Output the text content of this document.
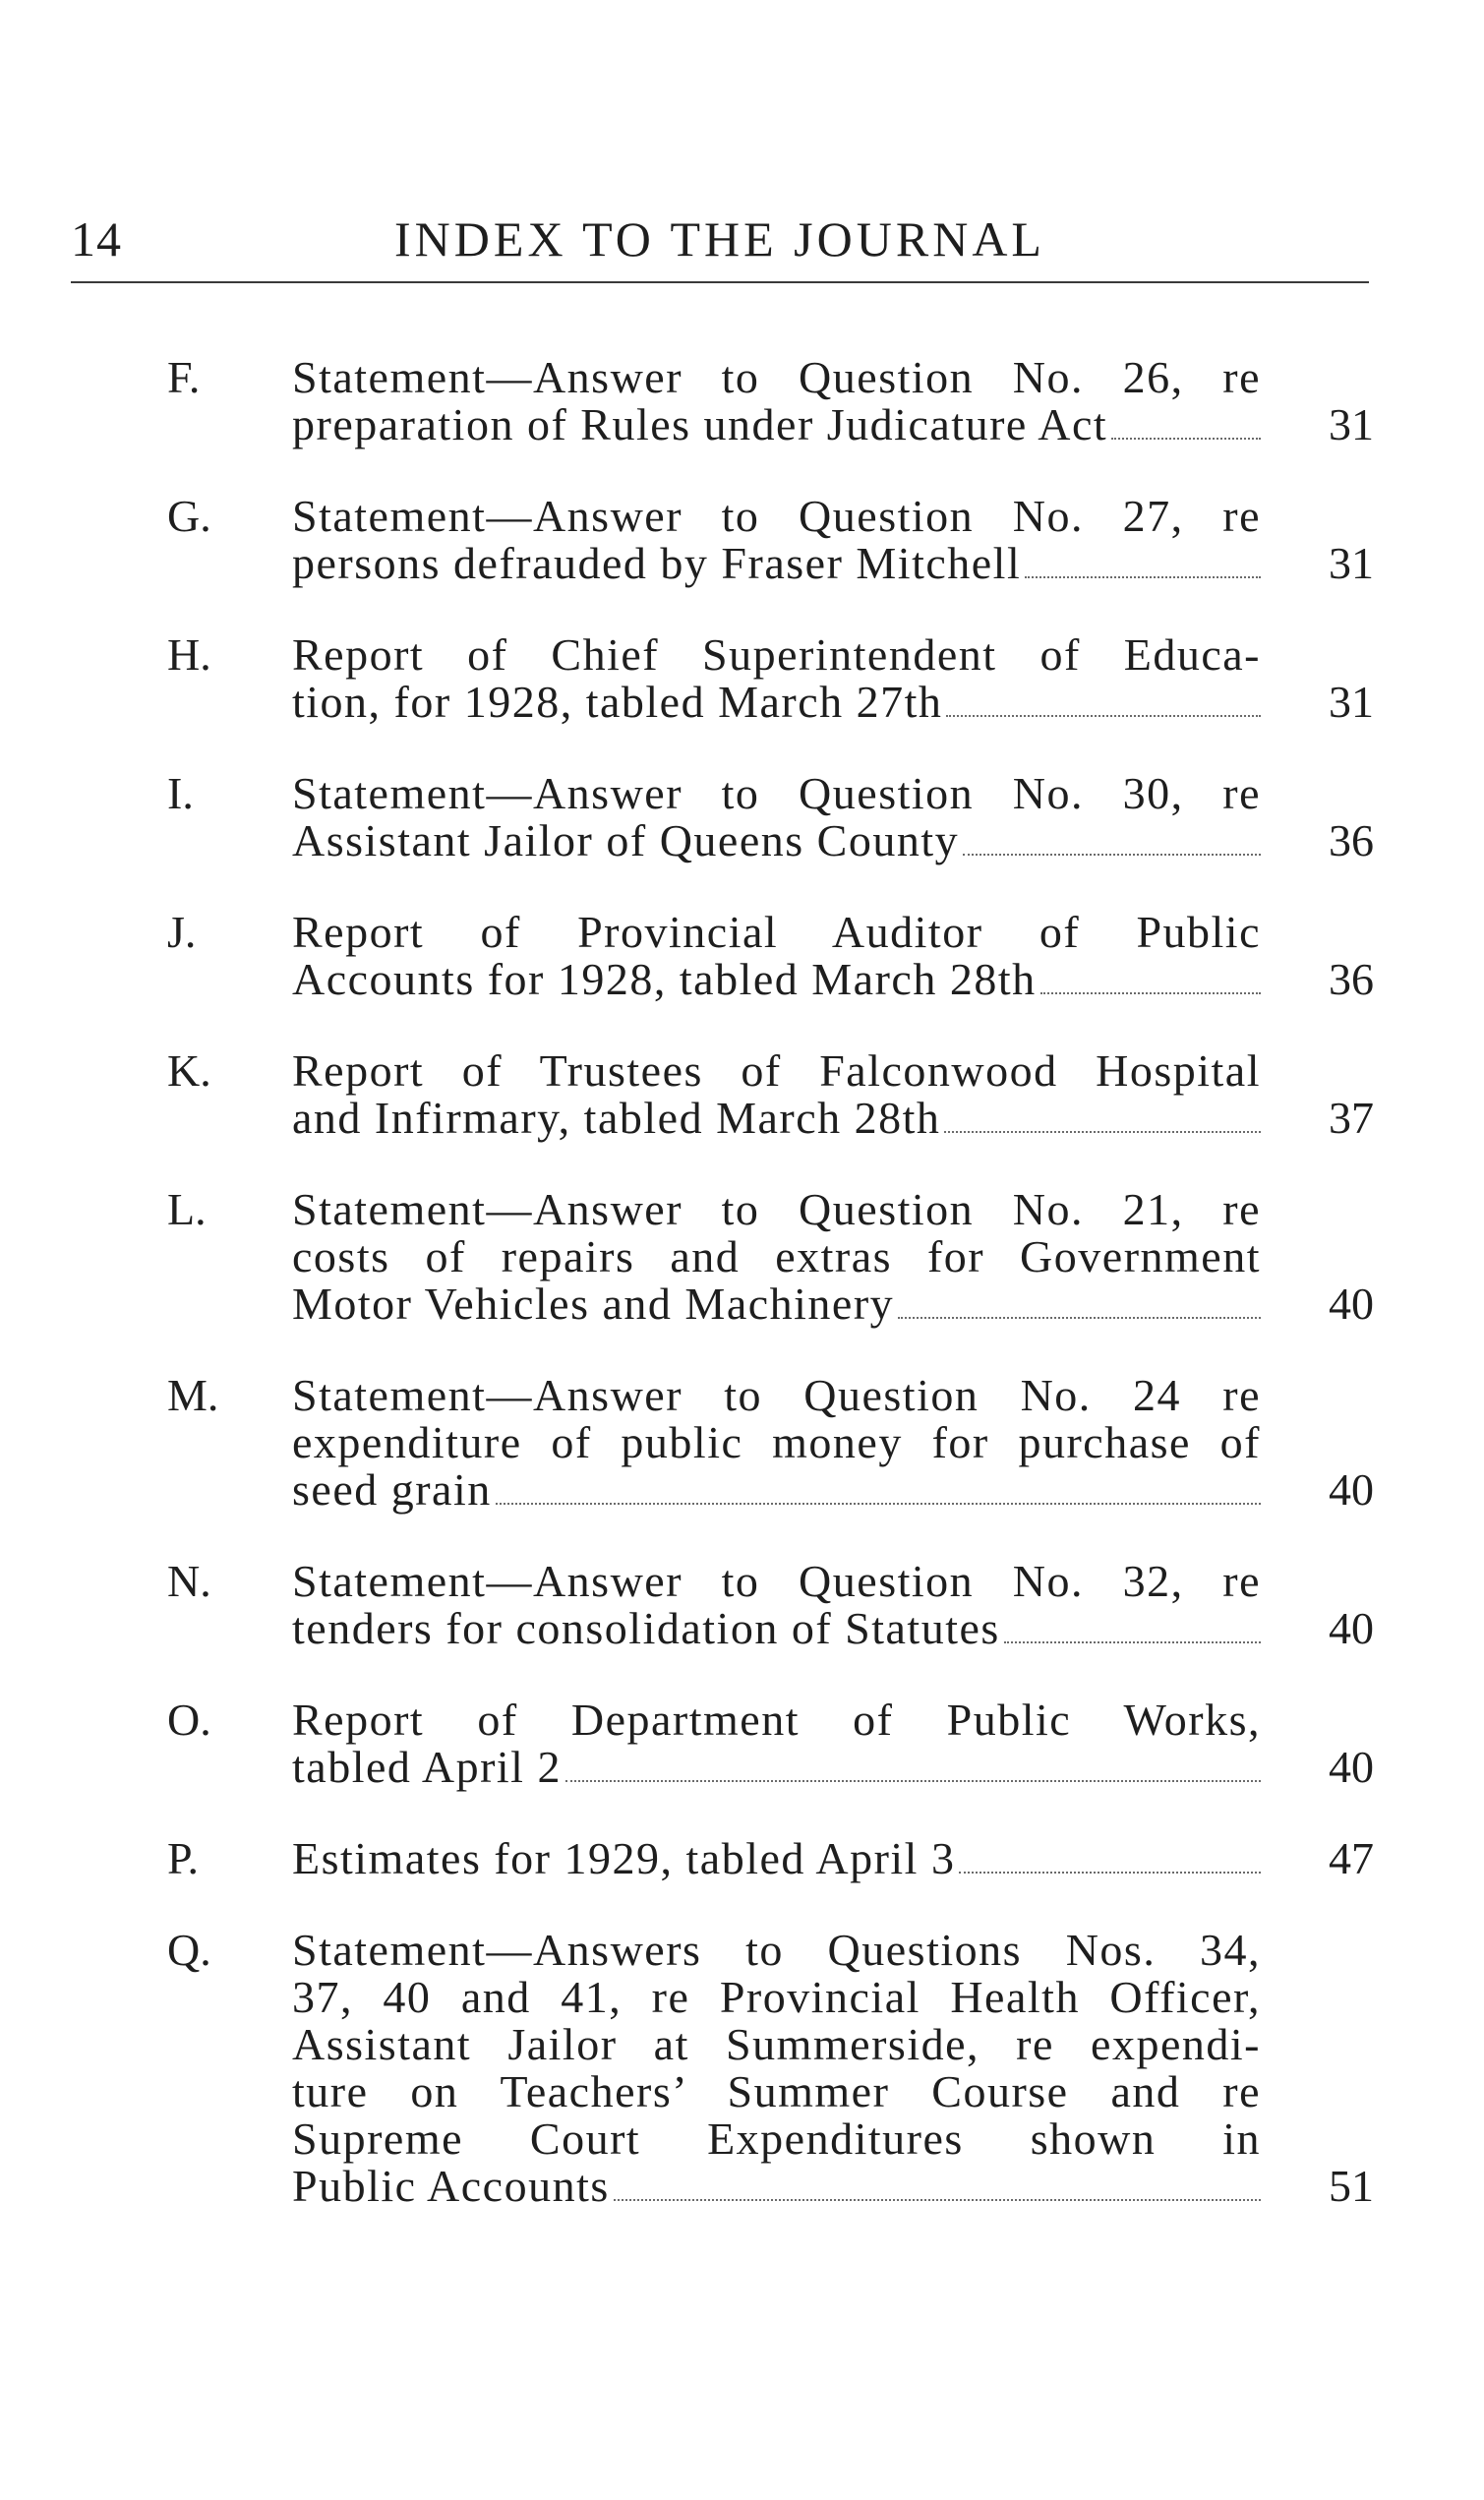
14	INDEX TO THE JOURNAL
F. Statement—Answer to Question No. 26, re
preparation of Rules under Judicature Act	31
G. Statement—Answer to Question No. 27, re
persons defrauded by Fraser Mitchell	31
H. Report of Chief Superintendent of Educa-
tion, for 1928, tabled March 27th	31
I. Statement—Answer to Question No. 30, re
Assistant Jailor of Queens County	36
J. Report of Provincial Auditor of Public
Accounts for 1928, tabled March 28th	36
K. Report of Trustees of Falconwood Hospital
and Infirmary, tabled March 28th	37
L. Statement—Answer to Question No. 21, re
costs of repairs and extras for Government
Motor Vehicles and Machinery	40
M. Statement—Answer to Question No. 24 re
expenditure of public money for purchase of
seed grain	40
N. Statement—Answer to Question No. 32, re
tenders for consolidation of Statutes	40
O. Report of Department of Public Works,
tabled April 2	40
P. Estimates for 1929, tabled April 3	47
Q. Statement—Answers to Questions Nos. 34,
37, 40 and 41, re Provincial Health Officer,
Assistant Jailor at Summerside, re expendi-
ture on Teachers’ Summer Course and re
Supreme Court Expenditures shown in
Public Accounts	51
